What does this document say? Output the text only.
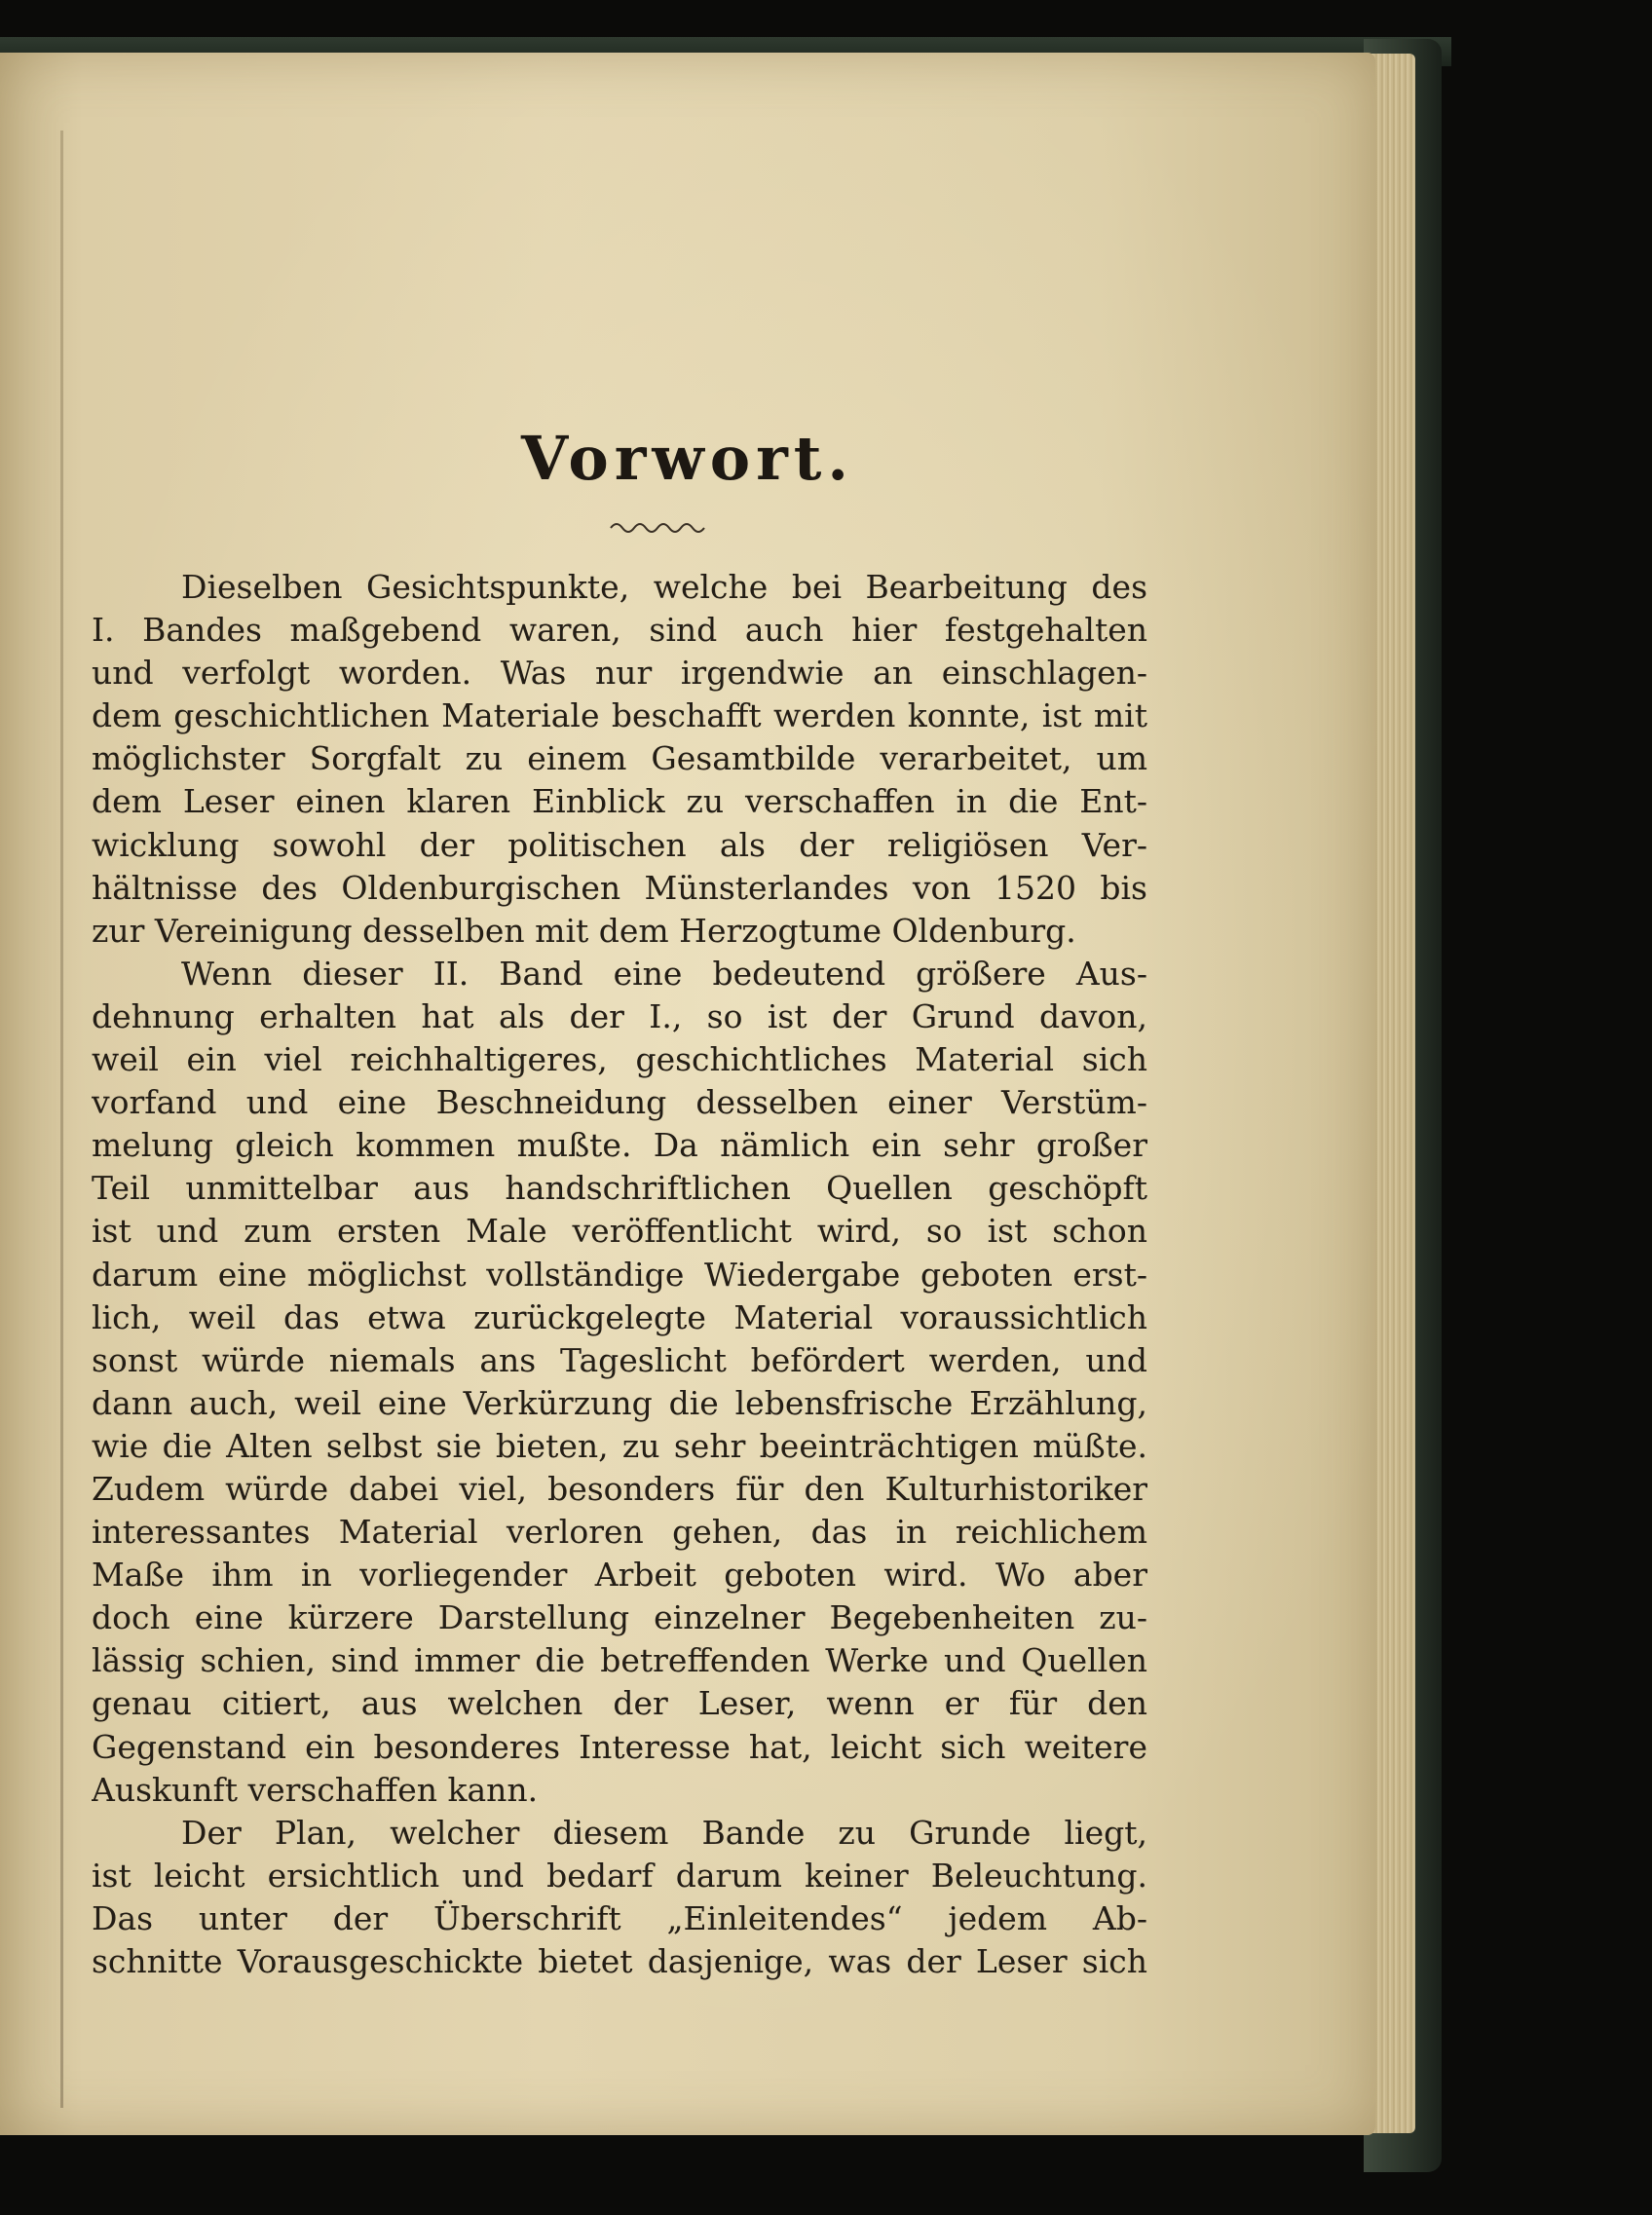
Vorwort.
Dieselben Gesichtspunkte, welche bei Bearbeitung des
I. Bandes maßgebend waren, sind auch hier festgehalten
und verfolgt worden. Was nur irgendwie an einschlagen-
dem geschichtlichen Materiale beschafft werden konnte, ist mit
möglichster Sorgfalt zu einem Gesamtbilde verarbeitet, um
dem Leser einen klaren Einblick zu verschaffen in die Ent-
wicklung sowohl der politischen als der religiösen Ver-
hältnisse des Oldenburgischen Münsterlandes von 1520 bis
zur Vereinigung desselben mit dem Herzogtume Oldenburg.
Wenn dieser II. Band eine bedeutend größere Aus-
dehnung erhalten hat als der I., so ist der Grund davon,
weil ein viel reichhaltigeres, geschichtliches Material sich
vorfand und eine Beschneidung desselben einer Verstüm-
melung gleich kommen mußte. Da nämlich ein sehr großer
Teil unmittelbar aus handschriftlichen Quellen geschöpft
ist und zum ersten Male veröffentlicht wird, so ist schon
darum eine möglichst vollständige Wiedergabe geboten erst-
lich, weil das etwa zurückgelegte Material voraussichtlich
sonst würde niemals ans Tageslicht befördert werden, und
dann auch, weil eine Verkürzung die lebensfrische Erzählung,
wie die Alten selbst sie bieten, zu sehr beeinträchtigen müßte.
Zudem würde dabei viel, besonders für den Kulturhistoriker
interessantes Material verloren gehen, das in reichlichem
Maße ihm in vorliegender Arbeit geboten wird. Wo aber
doch eine kürzere Darstellung einzelner Begebenheiten zu-
lässig schien, sind immer die betreffenden Werke und Quellen
genau citiert, aus welchen der Leser, wenn er für den
Gegenstand ein besonderes Interesse hat, leicht sich weitere
Auskunft verschaffen kann.
Der Plan, welcher diesem Bande zu Grunde liegt,
ist leicht ersichtlich und bedarf darum keiner Beleuchtung.
Das unter der Überschrift „Einleitendes“ jedem Ab-
schnitte Vorausgeschickte bietet dasjenige, was der Leser sich
